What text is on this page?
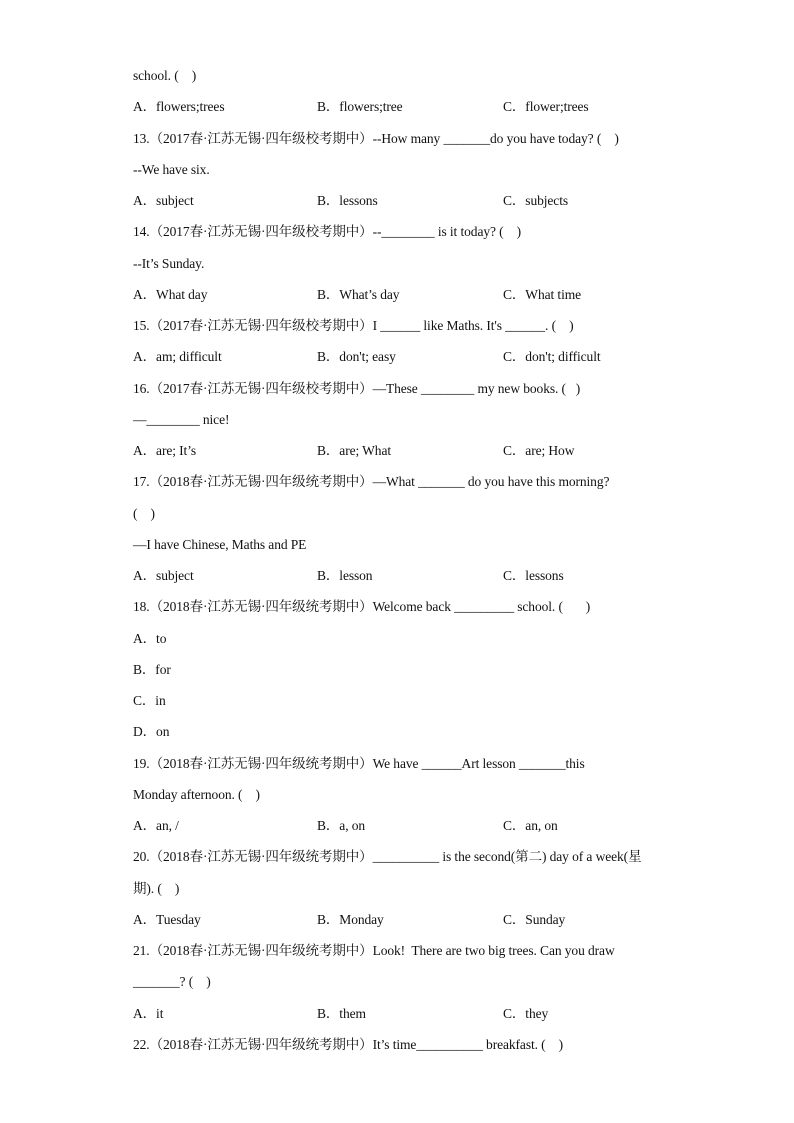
school. (    )
A．flowers;trees	B．flowers;tree	C．flower;trees
13.（2017春·江苏无锡·四年级校考期中）--How many _______do you have today? (    )
--We have six.
A．subject	B．lessons	C．subjects
14.（2017春·江苏无锡·四年级校考期中）--________ is it today? (    )
--It’s Sunday.
A．What day	B．What’s day	C．What time
15.（2017春·江苏无锡·四年级校考期中）I ______ like Maths. It's ______. (    )
A．am; difficult	B．don't; easy	C．don't; difficult
16.（2017春·江苏无锡·四年级校考期中）—These ________ my new books. (   )
—________ nice!
A．are; It’s	B．are; What	C．are; How
17.（2018春·江苏无锡·四年级统考期中）—What _______ do you have this morning?
(    )
—I have Chinese, Maths and PE
A．subject	B．lesson	C．lessons
18.（2018春·江苏无锡·四年级统考期中）Welcome back _________ school. (       )
A．to
B．for
C．in
D．on
19.（2018春·江苏无锡·四年级统考期中）We have ______Art lesson _______this
Monday afternoon. (    )
A．an, /	B．a, on	C．an, on
20.（2018春·江苏无锡·四年级统考期中）__________ is the second(第二) day of a week(星
期). (    )
A．Tuesday	B．Monday	C．Sunday
21.（2018春·江苏无锡·四年级统考期中）Look!  There are two big trees. Can you draw
_______? (    )
A．it	B．them	C．they
22.（2018春·江苏无锡·四年级统考期中）It’s time__________ breakfast. (    )
